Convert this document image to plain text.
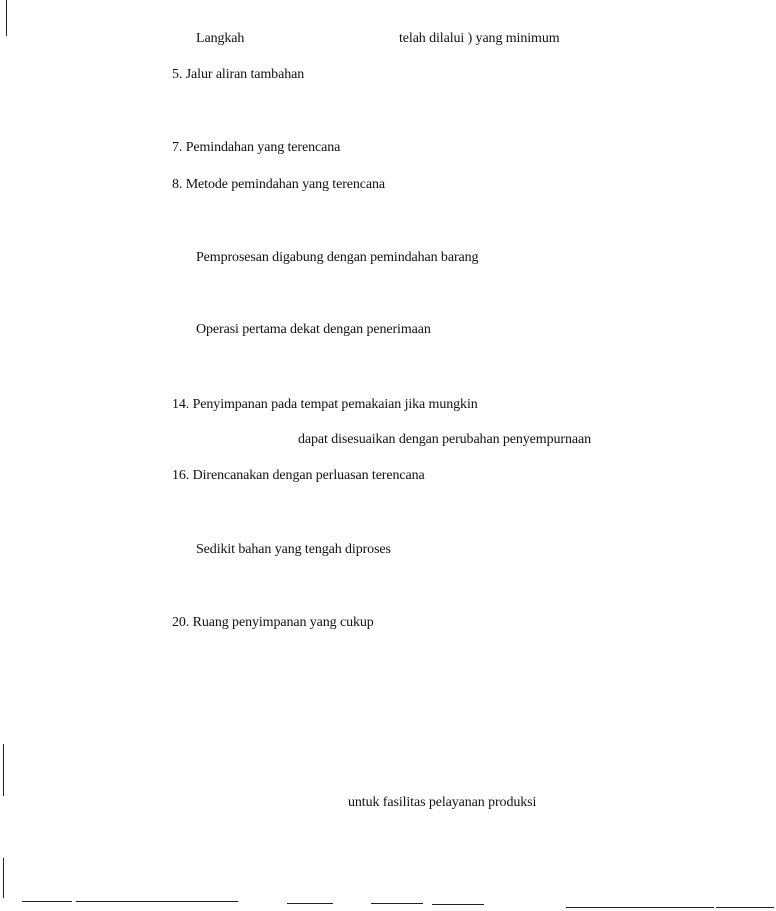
Langkah	telah dilalui ) yang minimum
5. Jalur aliran tambahan
7. Pemindahan yang terencana
8. Metode pemindahan yang terencana
Pemprosesan digabung dengan pemindahan barang
Operasi pertama dekat dengan penerimaan
14. Penyimpanan pada tempat pemakaian jika mungkin
dapat disesuaikan dengan perubahan penyempurnaan
16. Direncanakan dengan perluasan terencana
Sedikit bahan yang tengah diproses
20. Ruang penyimpanan yang cukup
untuk fasilitas pelayanan produksi
